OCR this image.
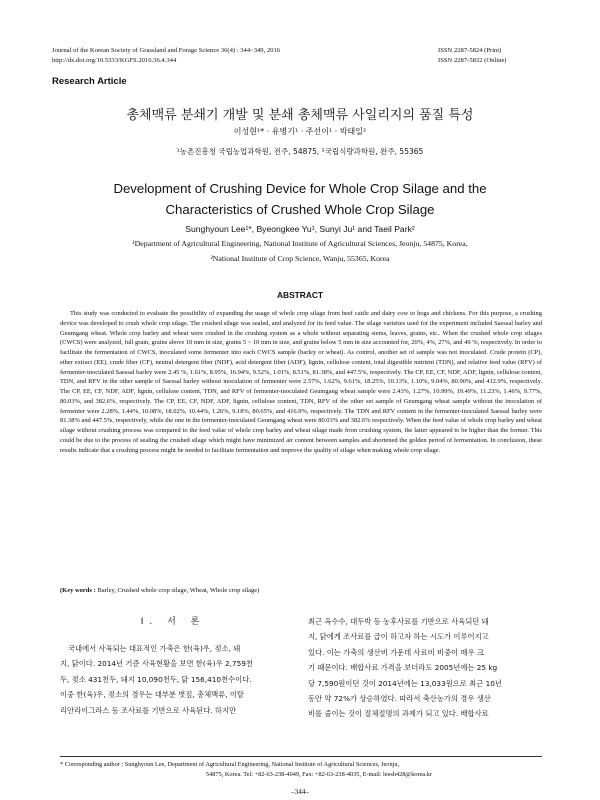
Journal of the Korean Society of Grassland and Forage Science 36(4) : 344~349, 2016
http://dx.doi.org/10.5333/KGFS.2016.36.4.344
ISSN 2287-5824 (Print)
ISSN 2287-5832 (Online)
Research Article
총체맥류 분쇄기 개발 및 분쇄 총체맥류 사일리지의 품질 특성
이성현¹* · 유병기¹ · 주선이¹ · 박태일²
¹농촌진흥청 국립농업과학원, 전주, 54875, ²국립식량과학원, 완주, 55365
Development of Crushing Device for Whole Crop Silage and the
Characteristics of Crushed Whole Crop Silage
Sunghyoun Lee¹*, Byeongkee Yu¹, Sunyi Ju¹ and Taeil Park²
¹Department of Agricultural Engineering, National Institute of Agricultural Sciences, Jeonju, 54875, Korea,
²National Institute of Crop Science, Wanju, 55365, Korea
ABSTRACT
This study was conducted to evaluate the possibility of expanding the usage of whole crop silage from beef cattle and dairy cow to hogs and chickens. For this purpose, a crushing device was developed to crush whole crop silage. The crushed silage was sealed, and analyzed for its feed value. The silage varieties used for the experiment included Saessal barley and Geumgang wheat. Whole crop barley and wheat were crushed in the crushing system as a whole without separating stems, leaves, grains, etc.. When the crushed whole crop silages (CWCS) were analyzed, full grain, grains above 10 mm in size, grains 5 ~ 10 mm in size, and grains below 5 mm in size accounted for, 20%, 4%, 27%, and 49 %, respectively. In order to facilitate the fermentation of CWCS, inoculated some fermenter into each CWCS sample (barley or wheat). As control, another set of sample was not inoculated. Crude protein (CP), ether extract (EE), crude fiber (CF), neutral detergent fiber (NDF), acid detergent fiber (ADF), lignin, cellulose content, total digestible nutrient (TDN), and relative feed value (RFV) of fermenter-inoculated Saessal barley were 2.45 %, 1.61%, 8.95%, 16.94%, 9.52%, 1.01%, 8.51%, 81.38%, and 447.5%, respectively. The CP, EE, CF, NDF, ADF, lignin, cellulose content, TDN, and RFV in the other sample of Saessal barley without inoculation of fermenter were 2.57%, 1.62%, 9.61%, 18.25%, 10.13%, 1.10%, 9.04%, 80.90%, and 412.9%, respectively. The CP, EE, CF, NDF, ADF, lignin, cellulose content, TDN, and RFV of fermenter-inoculated Geumgang wheat sample were 2.43%, 1.27%, 10.99%, 19.49%, 11.23%, 1.46%, 9.77%, 80.03%, and 382.6%, respectively. The CP, EE, CF, NDF, ADF, lignin, cellulose content, TDN, RFV of the other set sample of Geumgang wheat sample without the inoculation of fermenter were 2.28%, 1.44%, 10.08%, 18.02%, 10.44%, 1.26%, 9.18%, 80.65%, and 416.9%, respectively. The TDN and RFV content in the fermenter-inoculated Saessal barley were 81.38% and 447.5%, respectively, while the one in the fermenter-inoculated Geumgang wheat were 80.03% and 382.6% respectively. When the feed value of whole crop barley and wheat silage without crushing process was compared to the feed value of whole crop barley and wheat silage made from crushing system, the latter appeared to be higher than the former. This could be due to the process of sealing the crushed silage which might have minimized air content between samples and shortened the golden period of fermentation. In conclusion, these results indicate that a crushing process might be needed to facilitate fermentation and improve the quality of silage when making whole crop silage.
(Key words : Barley, Crushed whole crop silage, Wheat, Whole crop silage)
Ⅰ. 서 론
국내에서 사육되는 대표적인 가축은 한(육)우, 젖소, 돼
지, 닭이다. 2014년 기준 사육현황을 보면 한(육)우 2,759천
두, 젖소 431천두, 돼지 10,090천두, 닭 156,410천수이다.
이중 한(육)우, 젖소의 경우는 대부분 볏짚, 총체맥류, 이탈
리안라이그라스 등 조사료를 기반으로 사육된다. 하지만
최근 옥수수, 대두박 등 농후사료를 기반으로 사육되던 돼
지, 닭에게 조사료를 급이 하고자 하는 시도가 이루어지고
있다. 이는 가축의 생산비 가운데 사료비 비중이 매우 크
기 때문이다. 배합사료 가격을 보더라도 2005년에는 25 kg
당 7,590원이던 것이 2014년에는 13,033원으로 최근 10년
동안 약 72%가 상승하였다. 따라서 축산농가의 경우 생산
비를 줄이는 것이 절체절명의 과제가 되고 있다. 배합사료
* Corresponding author : Sunghyoun Lee, Department of Agricultural Engineering, National Institute of Agricultural Sciences, Jeonju,
54875, Korea. Tel: +82-63-238-4049, Fax: +82-63-238-4035, E-mail: leesh428@korea.kr
–344–
